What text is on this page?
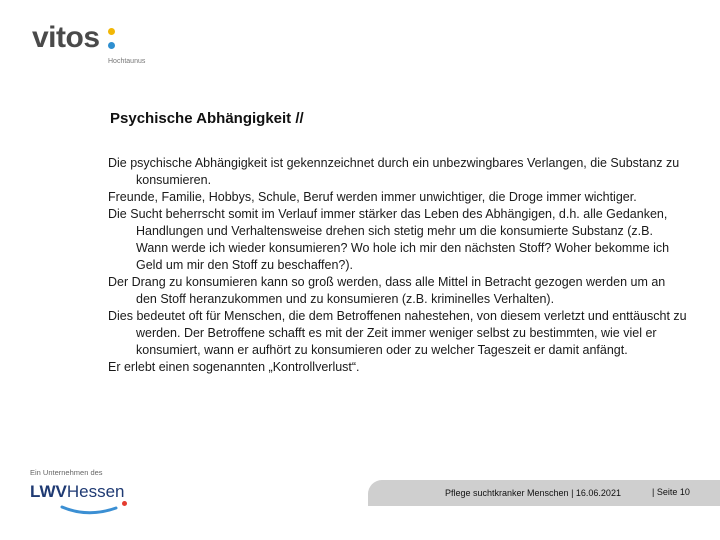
vitos
Hochtaunus
Psychische Abhängigkeit //

Die psychische Abhängigkeit ist gekennzeichnet durch ein unbezwingbares Verlangen, die Substanz zu konsumieren.

Freunde, Familie, Hobbys, Schule, Beruf werden immer unwichtiger, die Droge immer wichtiger.

Die Sucht beherrscht somit im Verlauf immer stärker das Leben des Abhängigen, d.h. alle Gedanken, Handlungen und Verhaltensweise drehen sich stetig mehr um die konsumierte Substanz (z.B. Wann werde ich wieder konsumieren? Wo hole ich mir den nächsten Stoff? Woher bekomme ich Geld um mir den Stoff zu beschaffen?).

Der Drang zu konsumieren kann so groß werden, dass alle Mittel in Betracht gezogen werden um an den Stoff heranzukommen und zu konsumieren (z.B. kriminelles Verhalten).

Dies bedeutet oft für Menschen, die dem Betroffenen nahestehen, von diesem verletzt und enttäuscht zu werden. Der Betroffene schafft es mit der Zeit immer weniger selbst zu bestimmten, wie viel er konsumiert, wann er aufhört zu konsumieren oder zu welcher Tageszeit er damit anfängt.

Er erlebt einen sogenannten „Kontrollverlust“.

Ein Unternehmen des
LWVHessen	Pflege suchtkranker Menschen | 16.06.2021	| Seite 10
